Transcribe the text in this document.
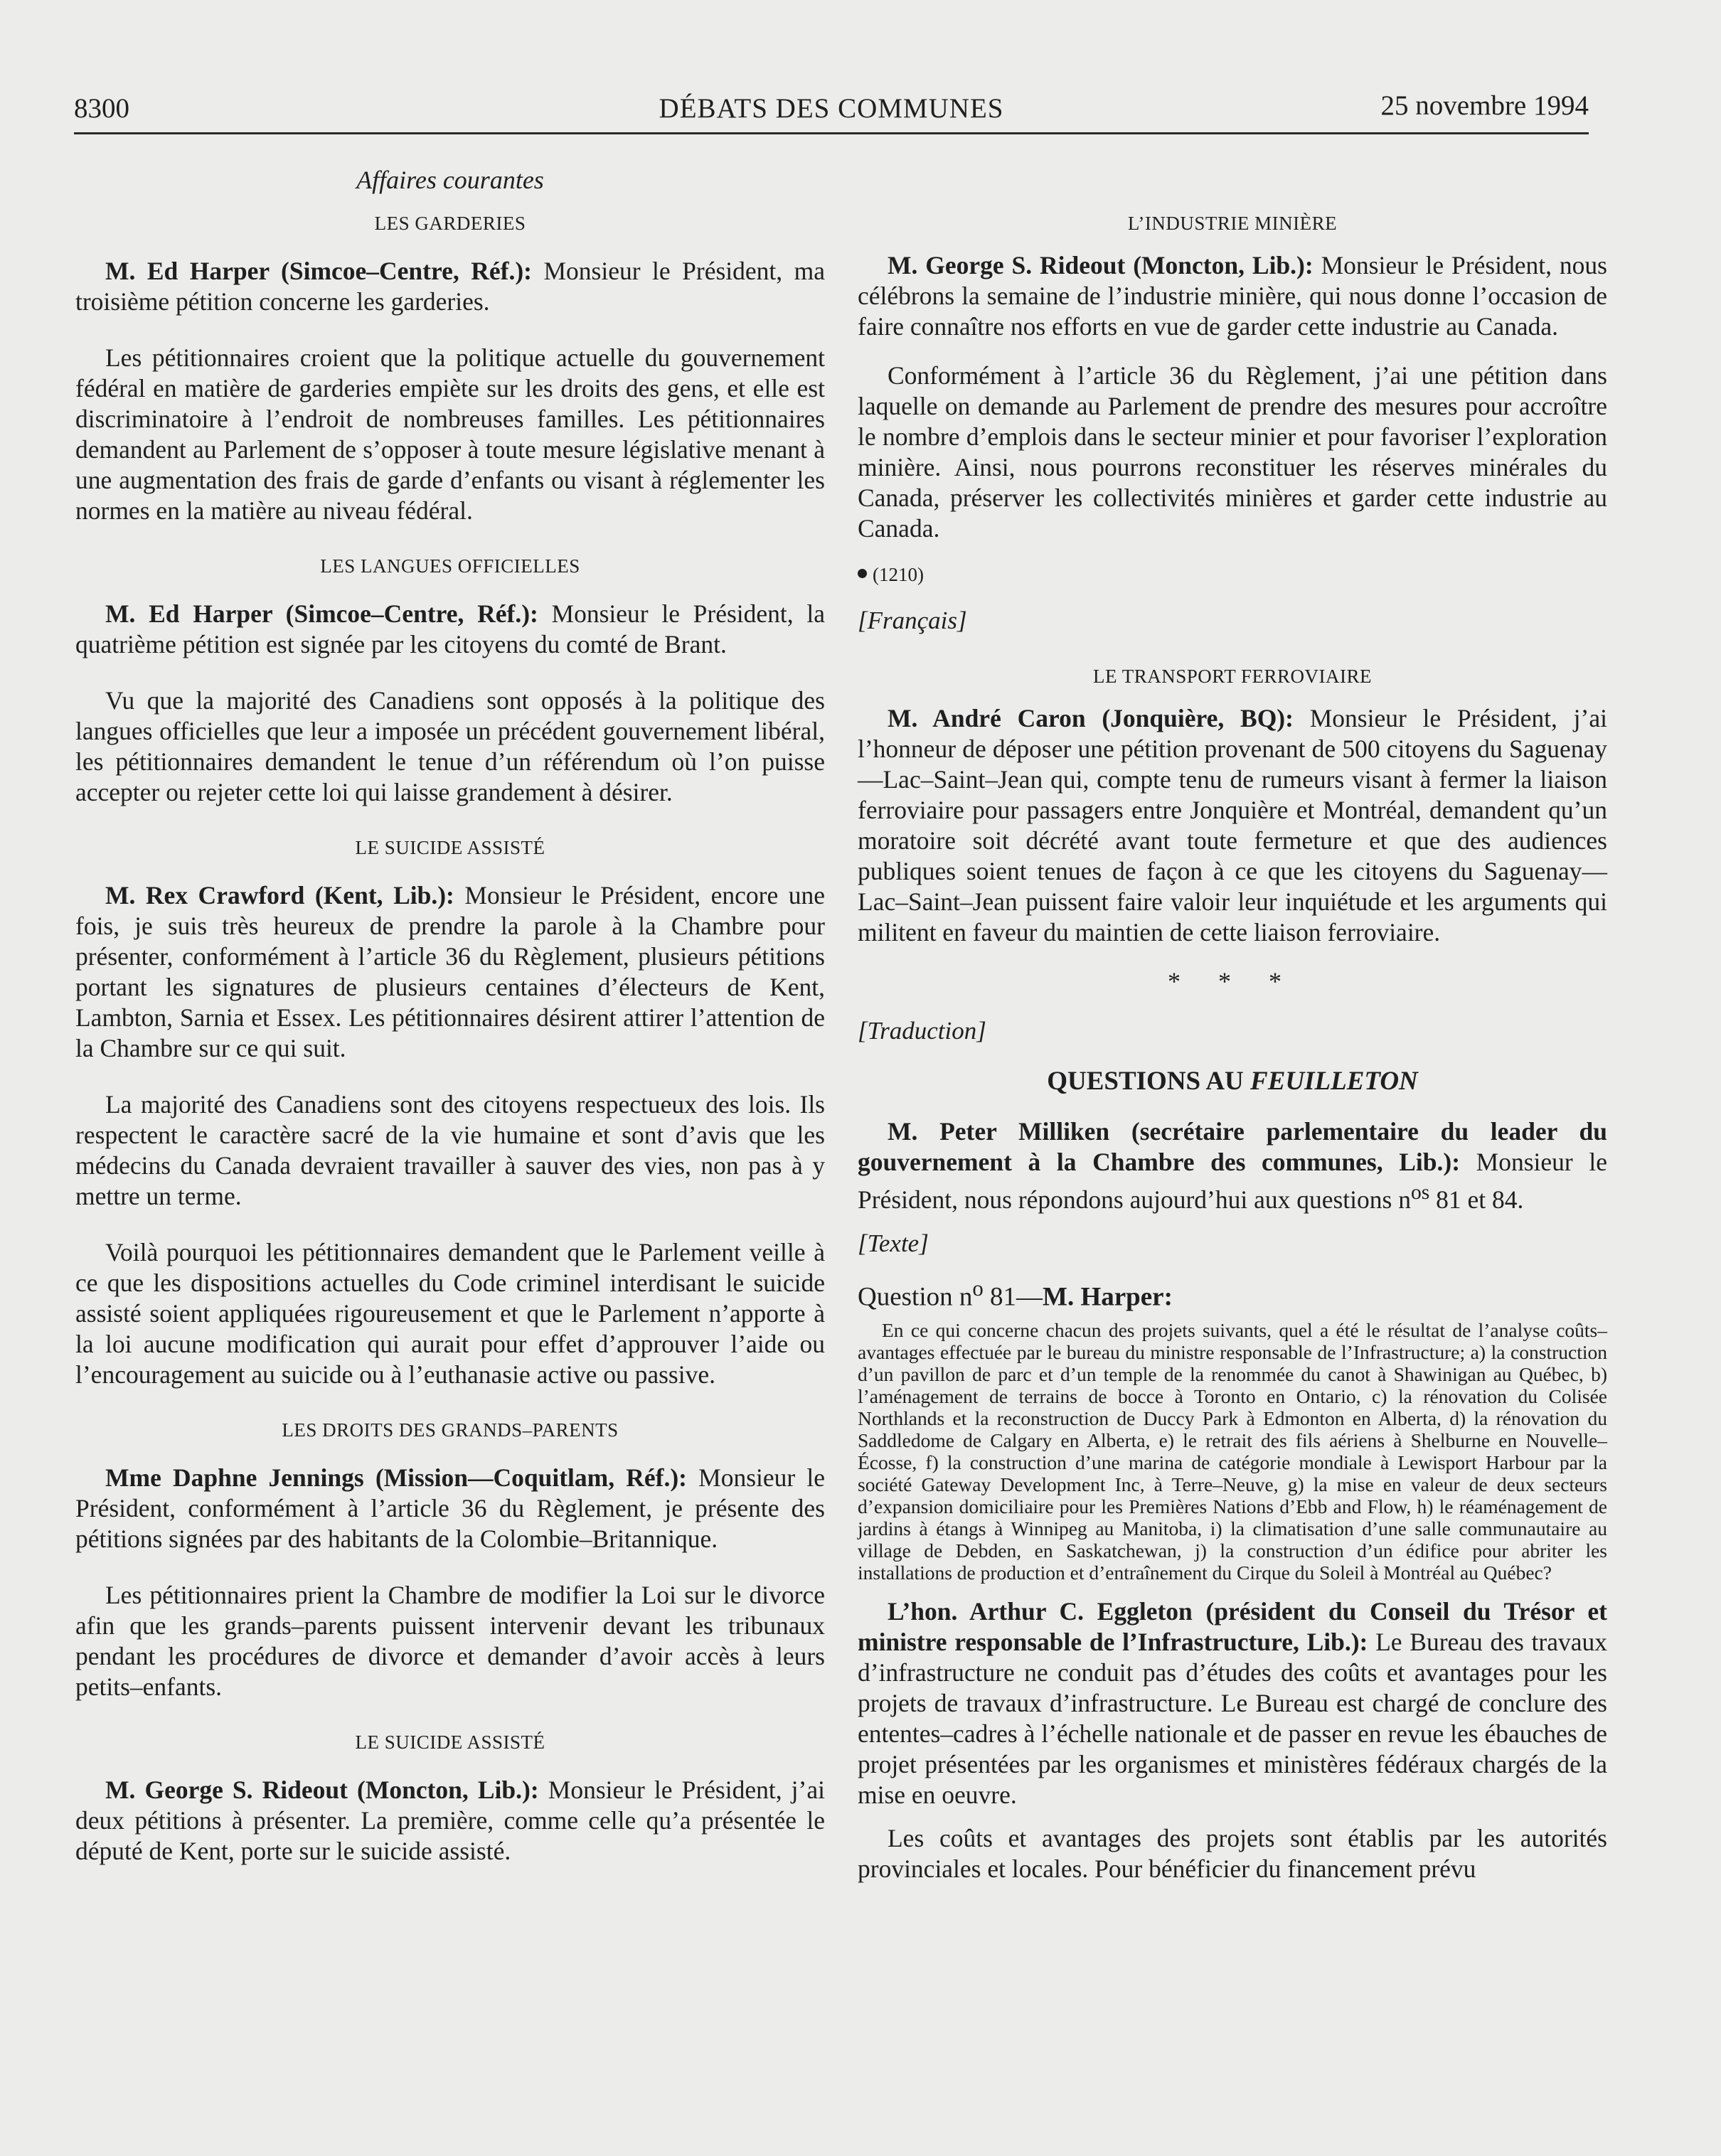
8300	DÉBATS DES COMMUNES	25 novembre 1994

Affaires courantes

LES GARDERIES

M. Ed Harper (Simcoe–Centre, Réf.): Monsieur le Président, ma troisième pétition concerne les garderies.

Les pétitionnaires croient que la politique actuelle du gouvernement fédéral en matière de garderies empiète sur les droits des gens, et elle est discriminatoire à l’endroit de nombreuses familles. Les pétitionnaires demandent au Parlement de s’opposer à toute mesure législative menant à une augmentation des frais de garde d’enfants ou visant à réglementer les normes en la matière au niveau fédéral.

LES LANGUES OFFICIELLES

M. Ed Harper (Simcoe–Centre, Réf.): Monsieur le Président, la quatrième pétition est signée par les citoyens du comté de Brant.

Vu que la majorité des Canadiens sont opposés à la politique des langues officielles que leur a imposée un précédent gouvernement libéral, les pétitionnaires demandent le tenue d’un référendum où l’on puisse accepter ou rejeter cette loi qui laisse grandement à désirer.

LE SUICIDE ASSISTÉ

M. Rex Crawford (Kent, Lib.): Monsieur le Président, encore une fois, je suis très heureux de prendre la parole à la Chambre pour présenter, conformément à l’article 36 du Règlement, plusieurs pétitions portant les signatures de plusieurs centaines d’électeurs de Kent, Lambton, Sarnia et Essex. Les pétitionnaires désirent attirer l’attention de la Chambre sur ce qui suit.

La majorité des Canadiens sont des citoyens respectueux des lois. Ils respectent le caractère sacré de la vie humaine et sont d’avis que les médecins du Canada devraient travailler à sauver des vies, non pas à y mettre un terme.

Voilà pourquoi les pétitionnaires demandent que le Parlement veille à ce que les dispositions actuelles du Code criminel interdisant le suicide assisté soient appliquées rigoureusement et que le Parlement n’apporte à la loi aucune modification qui aurait pour effet d’approuver l’aide ou l’encouragement au suicide ou à l’euthanasie active ou passive.

LES DROITS DES GRANDS–PARENTS

Mme Daphne Jennings (Mission—Coquitlam, Réf.): Monsieur le Président, conformément à l’article 36 du Règlement, je présente des pétitions signées par des habitants de la Colombie–Britannique.

Les pétitionnaires prient la Chambre de modifier la Loi sur le divorce afin que les grands–parents puissent intervenir devant les tribunaux pendant les procédures de divorce et demander d’avoir accès à leurs petits–enfants.

LE SUICIDE ASSISTÉ

M. George S. Rideout (Moncton, Lib.): Monsieur le Président, j’ai deux pétitions à présenter. La première, comme celle qu’a présentée le député de Kent, porte sur le suicide assisté.

L’INDUSTRIE MINIÈRE

M. George S. Rideout (Moncton, Lib.): Monsieur le Président, nous célébrons la semaine de l’industrie minière, qui nous donne l’occasion de faire connaître nos efforts en vue de garder cette industrie au Canada.

Conformément à l’article 36 du Règlement, j’ai une pétition dans laquelle on demande au Parlement de prendre des mesures pour accroître le nombre d’emplois dans le secteur minier et pour favoriser l’exploration minière. Ainsi, nous pourrons reconstituer les réserves minérales du Canada, préserver les collectivités minières et garder cette industrie au Canada.

(1210)

[Français]

LE TRANSPORT FERROVIAIRE

M. André Caron (Jonquière, BQ): Monsieur le Président, j’ai l’honneur de déposer une pétition provenant de 500 citoyens du Saguenay—Lac–Saint–Jean qui, compte tenu de rumeurs visant à fermer la liaison ferroviaire pour passagers entre Jonquière et Montréal, demandent qu’un moratoire soit décrété avant toute fermeture et que des audiences publiques soient tenues de façon à ce que les citoyens du Saguenay—Lac–Saint–Jean puissent faire valoir leur inquiétude et les arguments qui militent en faveur du maintien de cette liaison ferroviaire.

* * *

[Traduction]

QUESTIONS AU FEUILLETON

M. Peter Milliken (secrétaire parlementaire du leader du gouvernement à la Chambre des communes, Lib.): Monsieur le Président, nous répondons aujourd’hui aux questions $n^{os}$ 81 et 84.

[Texte]

Question $n^o$ 81—M. Harper:

En ce qui concerne chacun des projets suivants, quel a été le résultat de l’analyse coûts–avantages effectuée par le bureau du ministre responsable de l’Infrastructure; a) la construction d’un pavillon de parc et d’un temple de la renommée du canot à Shawinigan au Québec, b) l’aménagement de terrains de bocce à Toronto en Ontario, c) la rénovation du Colisée Northlands et la reconstruction de Duccy Park à Edmonton en Alberta, d) la rénovation du Saddledome de Calgary en Alberta, e) le retrait des fils aériens à Shelburne en Nouvelle–Écosse, f) la construction d’une marina de catégorie mondiale à Lewisport Harbour par la société Gateway Development Inc, à Terre–Neuve, g) la mise en valeur de deux secteurs d’expansion domiciliaire pour les Premières Nations d’Ebb and Flow, h) le réaménagement de jardins à étangs à Winnipeg au Manitoba, i) la climatisation d’une salle communautaire au village de Debden, en Saskatchewan, j) la construction d’un édifice pour abriter les installations de production et d’entraînement du Cirque du Soleil à Montréal au Québec?

L’hon. Arthur C. Eggleton (président du Conseil du Trésor et ministre responsable de l’Infrastructure, Lib.): Le Bureau des travaux d’infrastructure ne conduit pas d’études des coûts et avantages pour les projets de travaux d’infrastructure. Le Bureau est chargé de conclure des ententes–cadres à l’échelle nationale et de passer en revue les ébauches de projet présentées par les organismes et ministères fédéraux chargés de la mise en oeuvre.

Les coûts et avantages des projets sont établis par les autorités provinciales et locales. Pour bénéficier du financement prévu
